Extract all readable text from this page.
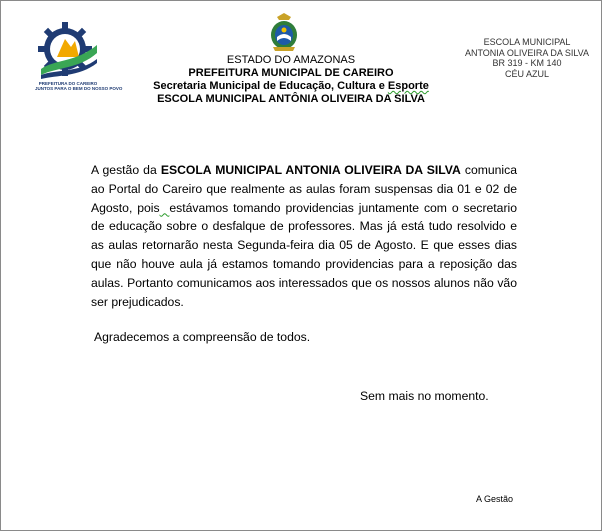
PREFEITURA DO CAREIRO
JUNTOS PARA O BEM DO NOSSO POVO
ESTADO DO AMAZONAS
PREFEITURA MUNICIPAL DE CAREIRO
Secretaria Municipal de Educação, Cultura e Esporte
ESCOLA MUNICIPAL ANTÔNIA OLIVEIRA DA SILVA
ESCOLA MUNICIPAL
ANTONIA OLIVEIRA DA SILVA
BR 319 - KM 140
CÉU AZUL
A gestão da ESCOLA MUNICIPAL ANTONIA OLIVEIRA DA SILVA comunica ao Portal do Careiro que realmente as aulas foram suspensas dia 01 e 02 de Agosto, pois estávamos tomando providencias juntamente com o secretario de educação sobre o desfalque de professores. Mas já está tudo resolvido e as aulas retornarão nesta Segunda-feira dia 05 de Agosto. E que esses dias que não houve aula já estamos tomando providencias para a reposição das aulas. Portanto comunicamos aos interessados que os nossos alunos não vão ser prejudicados.
Agradecemos a compreensão de todos.
Sem mais no momento.
A Gestão
